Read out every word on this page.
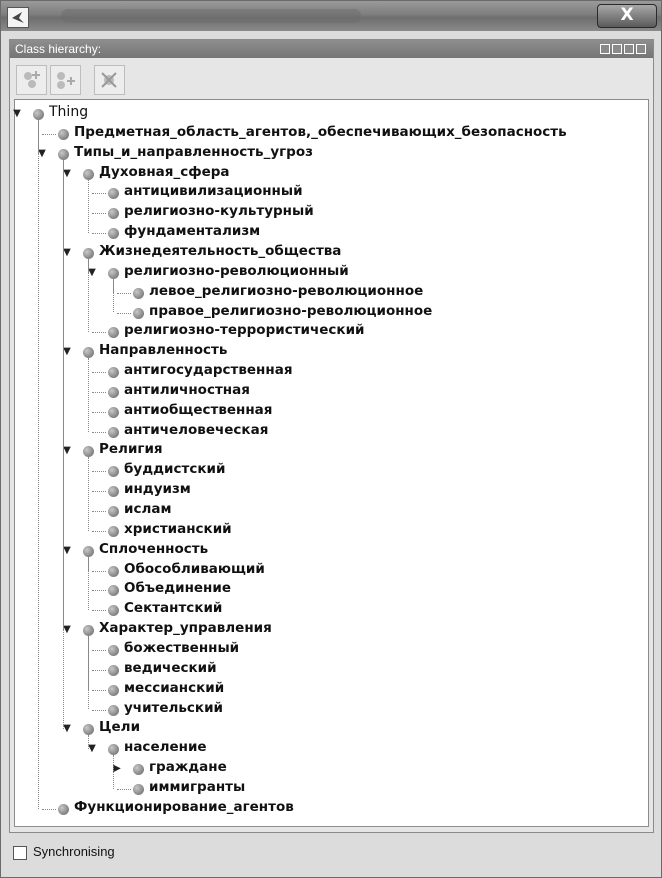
X
Class hierarchy:
▼ Thing
Предметная_область_агентов,_обеспечивающих_безопасность
▼ Типы_и_направленность_угроз
▼ Духовная_сфера
антицивилизационный
религиозно-культурный
фундаментализм
▼ Жизнедеятельность_общества
▼ религиозно-революционный
левое_религиозно-революционное
правое_религиозно-революционное
религиозно-террористический
▼ Направленность
антигосударственная
антиличностная
антиобщественная
античеловеческая
▼ Религия
буддистский
индуизм
ислам
христианский
▼ Сплоченность
Обособливающий
Объединение
Сектантский
▼ Характер_управления
божественный
ведический
мессианский
учительский
▼ Цели
▼ население
▶ граждане
иммигранты
Функционирование_агентов
Synchronising
